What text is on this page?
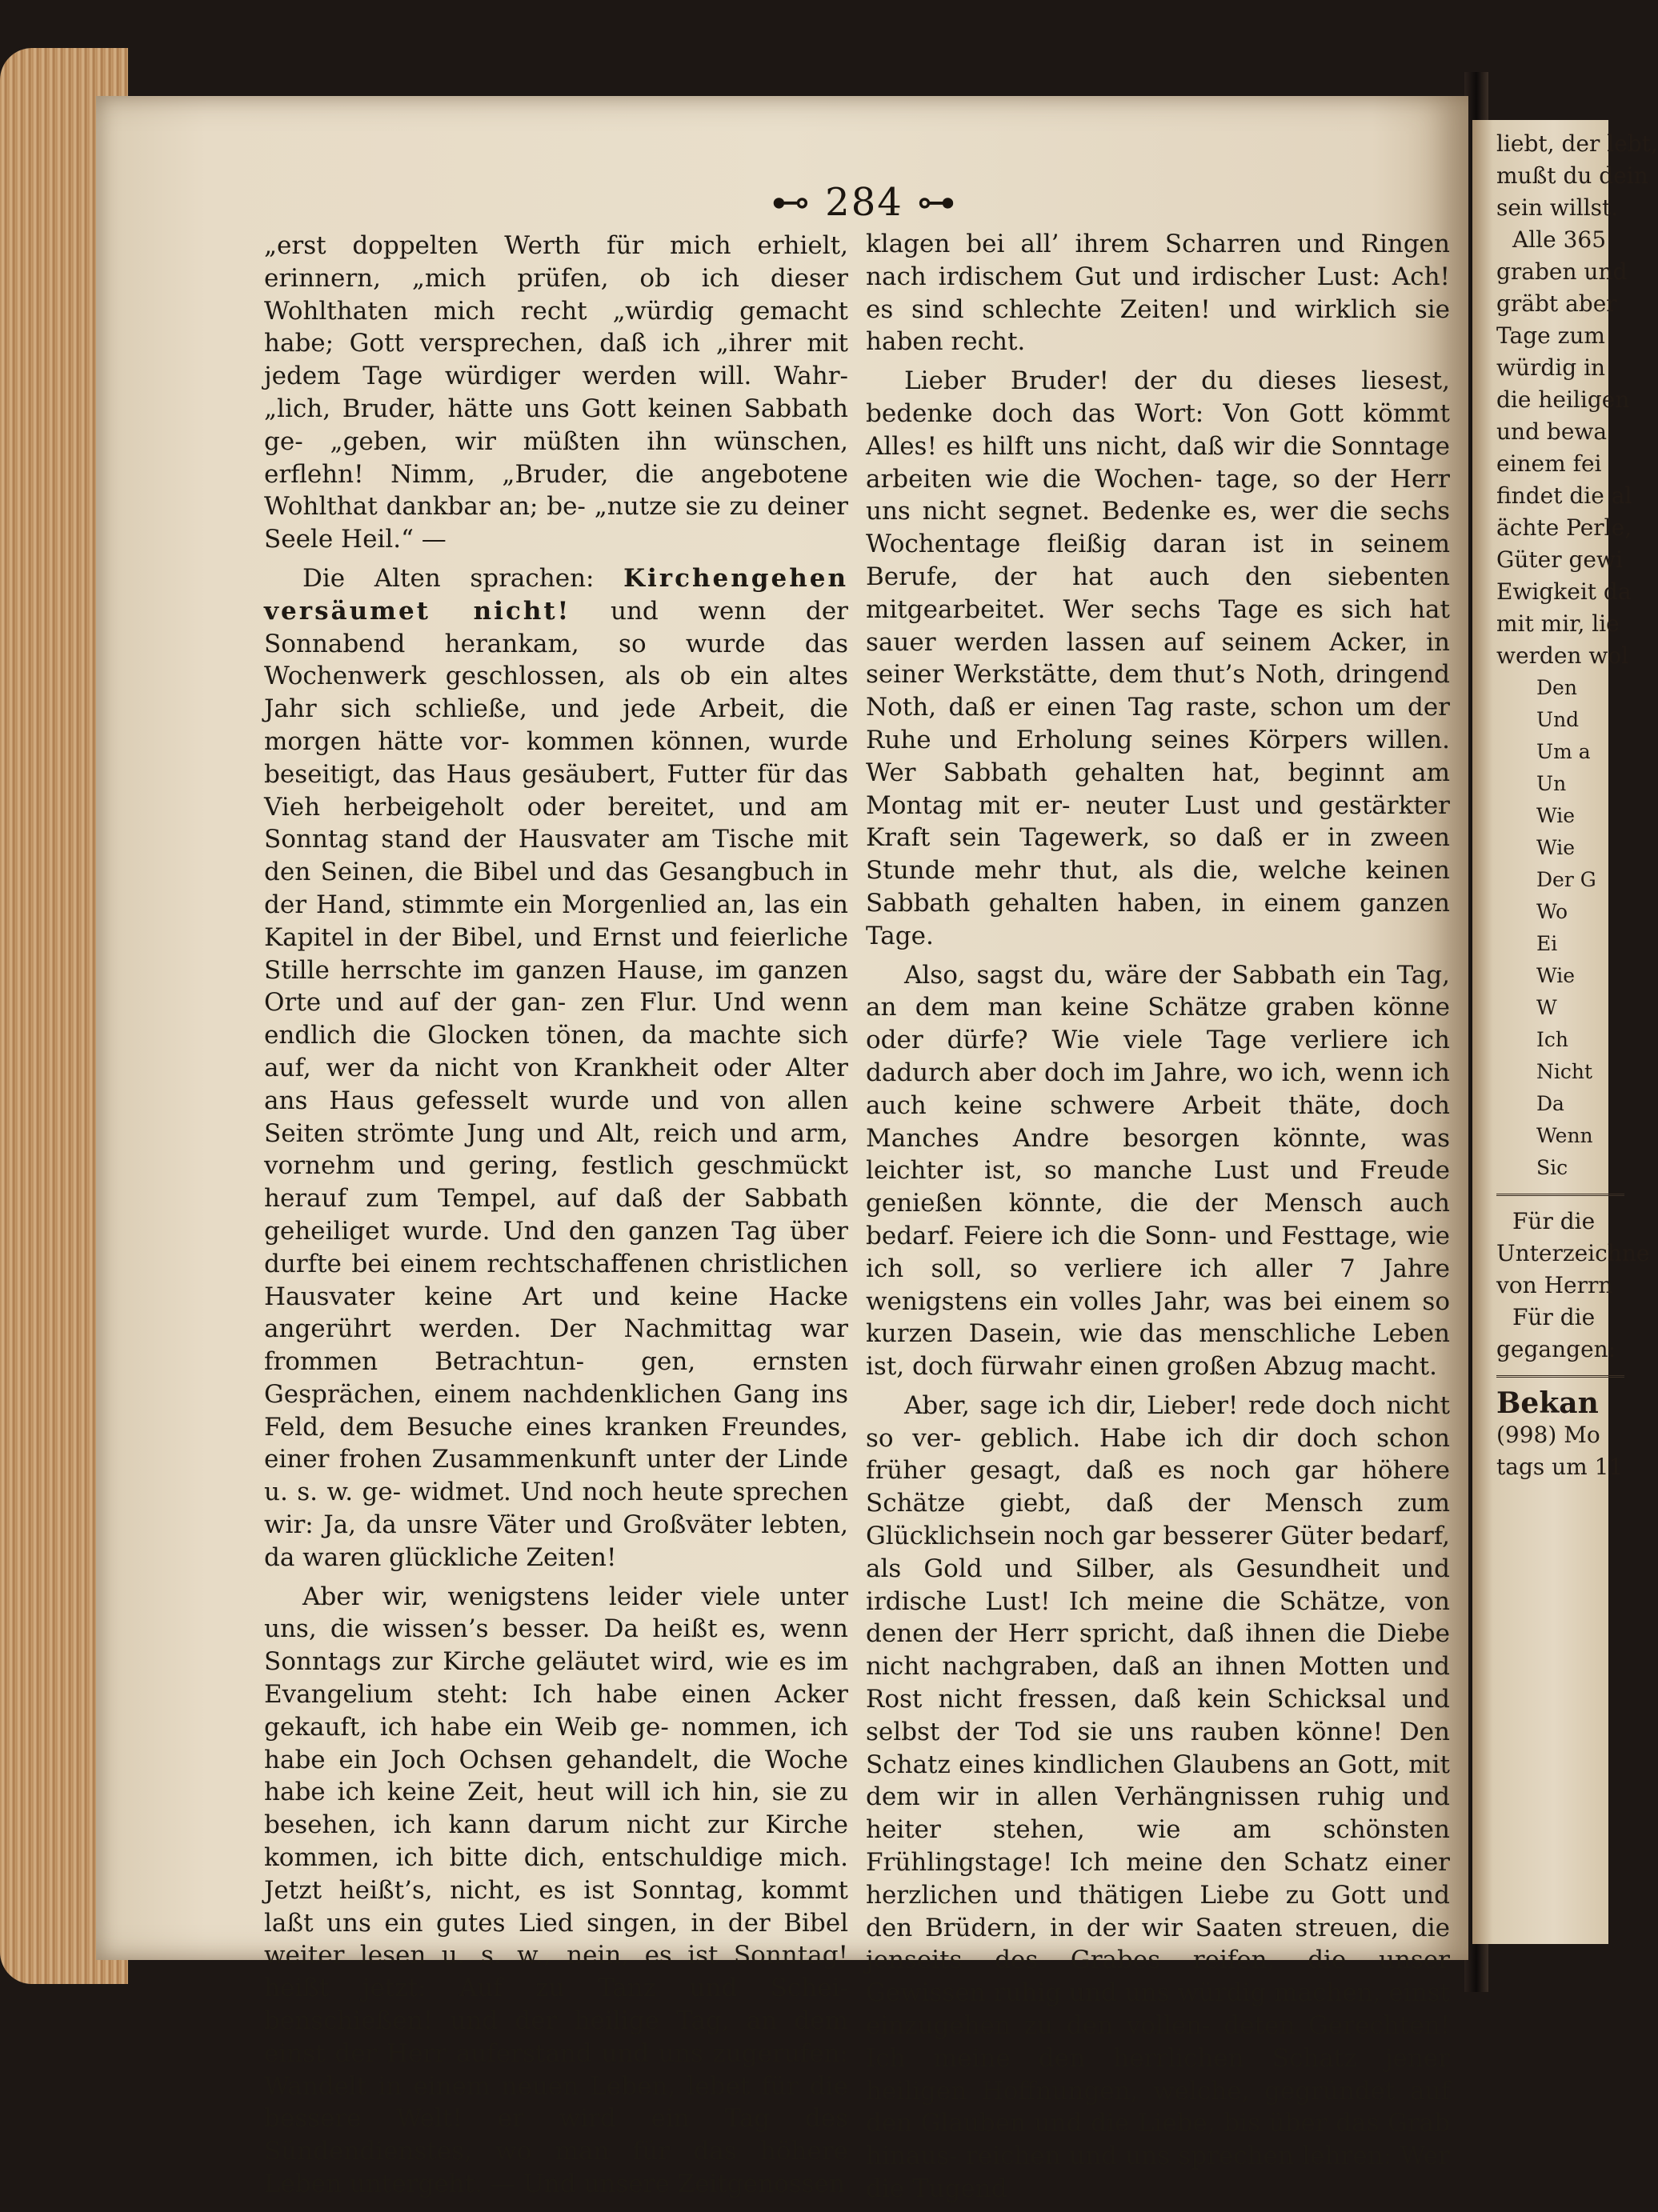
⊷ 284 ⊶

„erst doppelten Werth für mich erhielt, erinnern, „mich prüfen, ob ich dieser Wohlthaten mich recht „würdig gemacht habe; Gott versprechen, daß ich „ihrer mit jedem Tage würdiger werden will. Wahr- „lich, Bruder, hätte uns Gott keinen Sabbath ge- „geben, wir müßten ihn wünschen, erflehn! Nimm, „Bruder, die angebotene Wohlthat dankbar an; be- „nutze sie zu deiner Seele Heil.“ —

Die Alten sprachen: Kirchengehen versäumet nicht! und wenn der Sonnabend herankam, so wurde das Wochenwerk geschlossen, als ob ein altes Jahr sich schließe, und jede Arbeit, die morgen hätte vor- kommen können, wurde beseitigt, das Haus gesäubert, Futter für das Vieh herbeigeholt oder bereitet, und am Sonntag stand der Hausvater am Tische mit den Seinen, die Bibel und das Gesangbuch in der Hand, stimmte ein Morgenlied an, las ein Kapitel in der Bibel, und Ernst und feierliche Stille herrschte im ganzen Hause, im ganzen Orte und auf der gan- zen Flur. Und wenn endlich die Glocken tönen, da machte sich auf, wer da nicht von Krankheit oder Alter ans Haus gefesselt wurde und von allen Seiten strömte Jung und Alt, reich und arm, vornehm und gering, festlich geschmückt herauf zum Tempel, auf daß der Sabbath geheiliget wurde. Und den ganzen Tag über durfte bei einem rechtschaffenen christlichen Hausvater keine Art und keine Hacke angerührt werden. Der Nachmittag war frommen Betrachtun- gen, ernsten Gesprächen, einem nachdenklichen Gang ins Feld, dem Besuche eines kranken Freundes, einer frohen Zusammenkunft unter der Linde u. s. w. ge- widmet. Und noch heute sprechen wir: Ja, da unsre Väter und Großväter lebten, da waren glückliche Zeiten!

Aber wir, wenigstens leider viele unter uns, die wissen’s besser. Da heißt es, wenn Sonntags zur Kirche geläutet wird, wie es im Evangelium steht: Ich habe einen Acker gekauft, ich habe ein Weib ge- nommen, ich habe ein Joch Ochsen gehandelt, die Woche habe ich keine Zeit, heut will ich hin, sie zu besehen, ich kann darum nicht zur Kirche kommen, ich bitte dich, entschuldige mich. Jetzt heißt’s, nicht, es ist Sonntag, kommt laßt uns ein gutes Lied singen, in der Bibel weiter lesen u. s. w., nein, es ist Sonntag! heißt jetzt: Auf zu Tanz und Schei- benschießen! und der heilige Tag, an dem einst der Herr auferstand und uns zugerufen: Wandelt in einem neuen Leben, lebet für die bessere Welt! er wird ein Tag des Sündendienstes, wo man für das höhere Leben untergeht. — Und unsere Zeitgenossen

klagen bei all’ ihrem Scharren und Ringen nach irdischem Gut und irdischer Lust: Ach! es sind schlechte Zeiten! und wirklich sie haben recht.

Lieber Bruder! der du dieses liesest, bedenke doch das Wort: Von Gott kömmt Alles! es hilft uns nicht, daß wir die Sonntage arbeiten wie die Wochen- tage, so der Herr uns nicht segnet. Bedenke es, wer die sechs Wochentage fleißig daran ist in seinem Berufe, der hat auch den siebenten mitgearbeitet. Wer sechs Tage es sich hat sauer werden lassen auf seinem Acker, in seiner Werkstätte, dem thut’s Noth, dringend Noth, daß er einen Tag raste, schon um der Ruhe und Erholung seines Körpers willen. Wer Sabbath gehalten hat, beginnt am Montag mit er- neuter Lust und gestärkter Kraft sein Tagewerk, so daß er in zween Stunde mehr thut, als die, welche keinen Sabbath gehalten haben, in einem ganzen Tage.

Also, sagst du, wäre der Sabbath ein Tag, an dem man keine Schätze graben könne oder dürfe? Wie viele Tage verliere ich dadurch aber doch im Jahre, wo ich, wenn ich auch keine schwere Arbeit thäte, doch Manches Andre besorgen könnte, was leichter ist, so manche Lust und Freude genießen könnte, die der Mensch auch bedarf. Feiere ich die Sonn- und Festtage, wie ich soll, so verliere ich aller 7 Jahre wenigstens ein volles Jahr, was bei einem so kurzen Dasein, wie das menschliche Leben ist, doch fürwahr einen großen Abzug macht.

Aber, sage ich dir, Lieber! rede doch nicht so ver- geblich. Habe ich dir doch schon früher gesagt, daß es noch gar höhere Schätze giebt, daß der Mensch zum Glücklichsein noch gar besserer Güter bedarf, als Gold und Silber, als Gesundheit und irdische Lust! Ich meine die Schätze, von denen der Herr spricht, daß ihnen die Diebe nicht nachgraben, daß an ihnen Motten und Rost nicht fressen, daß kein Schicksal und selbst der Tod sie uns rauben könne! Den Schatz eines kindlichen Glaubens an Gott, mit dem wir in allen Verhängnissen ruhig und heiter stehen, wie am schönsten Frühlingstage! Ich meine den Schatz einer herzlichen und thätigen Liebe zu Gott und den Brüdern, in der wir Saaten streuen, die jenseits des Grabes reifen, die unser Gewissen ruhig und uns würdig machen, einst einzugehen zu den vollen- deten Gerechten! Ich meine den herrlichen Schatz jener heiligen Hoffnungen, welche, gegründet auf den Glauben und die Liebe, bis über das Grab hinaus- reichen und uns sprechen lehren: Wer die Tugend

liebt, der lebt,
mußt du dein
sein willst.
Alle 365
graben und
gräbt aber
Tage zum
würdig in
die heiligen
und bewa
einem fei
findet die al
ächte Perle,
Güter gewi
Ewigkeit da
mit mir, lie
werden wol
Den
Und
Um a
Un
Wie
Wie
Der G
Wo
Ei
Wie
W
Ich
Nicht
Da
Wenn
Sic
Für die
Unterzeichne
von Herrn
Für die
gegangen:
Bekan
(998) Mo
tags um 11
